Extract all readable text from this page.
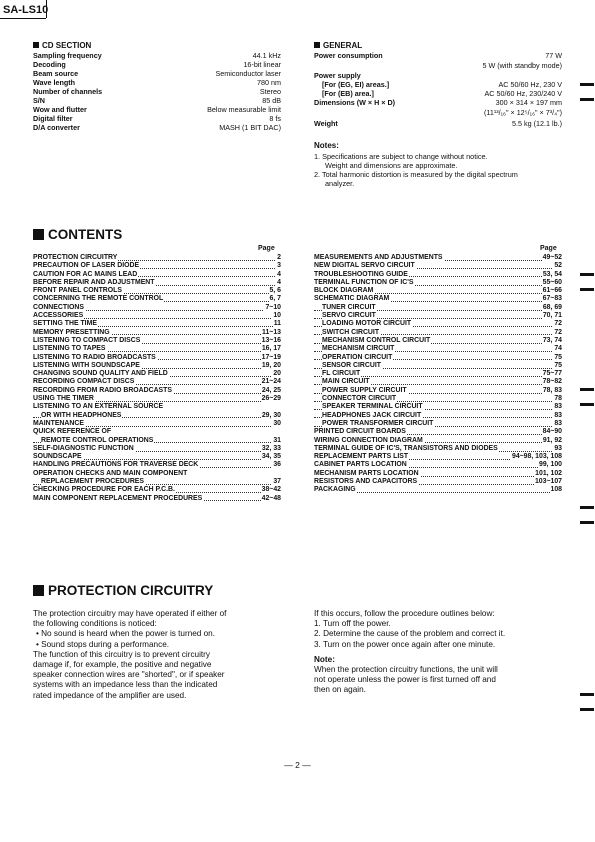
SA-LS10
CD SECTION
Sampling frequency	44.1 kHz
Decoding	16-bit linear
Beam source	Semiconductor laser
Wave length	780 nm
Number of channels	Stereo
S/N	85 dB
Wow and flutter	Below measurable limit
Digital filter	8 fs
D/A converter	MASH (1 BIT DAC)
GENERAL
Power consumption	77 W
5 W (with standby mode)
Power supply
[For (EG, EI) areas.]	AC 50/60 Hz, 230 V
[For (EB) area.]	AC 50/60 Hz, 230/240 V
Dimensions (W × H × D)	300 × 314 × 197 mm
(11¹³/₁₆" × 12⁵/₁₆" × 7³/₄")
Weight	5.5 kg (12.1 lb.)
Notes:
1. Specifications are subject to change without notice.
Weight and dimensions are approximate.
2. Total harmonic distortion is measured by the digital spectrum
analyzer.
CONTENTS
Page	Page
PROTECTION CIRCUITRY	2
PRECAUTION OF LASER DIODE	3
CAUTION FOR AC MAINS LEAD	4
BEFORE REPAIR AND ADJUSTMENT	4
FRONT PANEL CONTROLS	5, 6
CONCERNING THE REMOTE CONTROL	6, 7
CONNECTIONS	7~10
ACCESSORIES	10
SETTING THE TIME	11
MEMORY PRESETTING	11~13
LISTENING TO COMPACT DISCS	13~16
LISTENING TO TAPES	16, 17
LISTENING TO RADIO BROADCASTS	17~19
LISTENING WITH SOUNDSCAPE	19, 20
CHANGING SOUND QUALITY AND FIELD	20
RECORDING COMPACT DISCS	21~24
RECORDING FROM RADIO BROADCASTS	24, 25
USING THE TIMER	26~29
LISTENING TO AN EXTERNAL SOURCE
OR WITH HEADPHONES	29, 30
MAINTENANCE	30
QUICK REFERENCE OF
REMOTE CONTROL OPERATIONS	31
SELF-DIAGNOSTIC FUNCTION	32, 33
SOUNDSCAPE	34, 35
HANDLING PRECAUTIONS FOR TRAVERSE DECK	36
OPERATION CHECKS AND MAIN COMPONENT
REPLACEMENT PROCEDURES	37
CHECKING PROCEDURE FOR EACH P.C.B.	38~42
MAIN COMPONENT REPLACEMENT PROCEDURES	42~48
MEASUREMENTS AND ADJUSTMENTS	49~52
NEW DIGITAL SERVO CIRCUIT	52
TROUBLESHOOTING GUIDE	53, 54
TERMINAL FUNCTION OF IC'S	55~60
BLOCK DIAGRAM	61~66
SCHEMATIC DIAGRAM	67~83
TUNER CIRCUIT	68, 69
SERVO CIRCUIT	70, 71
LOADING MOTOR CIRCUIT	72
SWITCH CIRCUIT	72
MECHANISM CONTROL CIRCUIT	73, 74
MECHANISM CIRCUIT	74
OPERATION CIRCUIT	75
SENSOR CIRCUIT	75
FL CIRCUIT	75~77
MAIN CIRCUIT	78~82
POWER SUPPLY CIRCUIT	78, 83
CONNECTOR CIRCUIT	78
SPEAKER TERMINAL CIRCUIT	83
HEADPHONES JACK CIRCUIT	83
POWER TRANSFORMER CIRCUIT	83
PRINTED CIRCUIT BOARDS	84~90
WIRING CONNECTION DIAGRAM	91, 92
TERMINAL GUIDE OF IC'S, TRANSISTORS AND DIODES	93
REPLACEMENT PARTS LIST	94~98, 103, 108
CABINET PARTS LOCATION	99, 100
MECHANISM PARTS LOCATION	101, 102
RESISTORS AND CAPACITORS	103~107
PACKAGING	108
PROTECTION CIRCUITRY
The protection circuitry may have operated if either of
the following conditions is noticed:
• No sound is heard when the power is turned on.
• Sound stops during a performance.
The function of this circuitry is to prevent circuitry
damage if, for example, the positive and negative
speaker connection wires are "shorted", or if speaker
systems with an impedance less than the indicated
rated impedance of the amplifier are used.
If this occurs, follow the procedure outlines below:
1. Turn off the power.
2. Determine the cause of the problem and correct it.
3. Turn on the power once again after one minute.
Note:
When the protection circuitry functions, the unit will
not operate unless the power is first turned off and
then on again.
— 2 —
